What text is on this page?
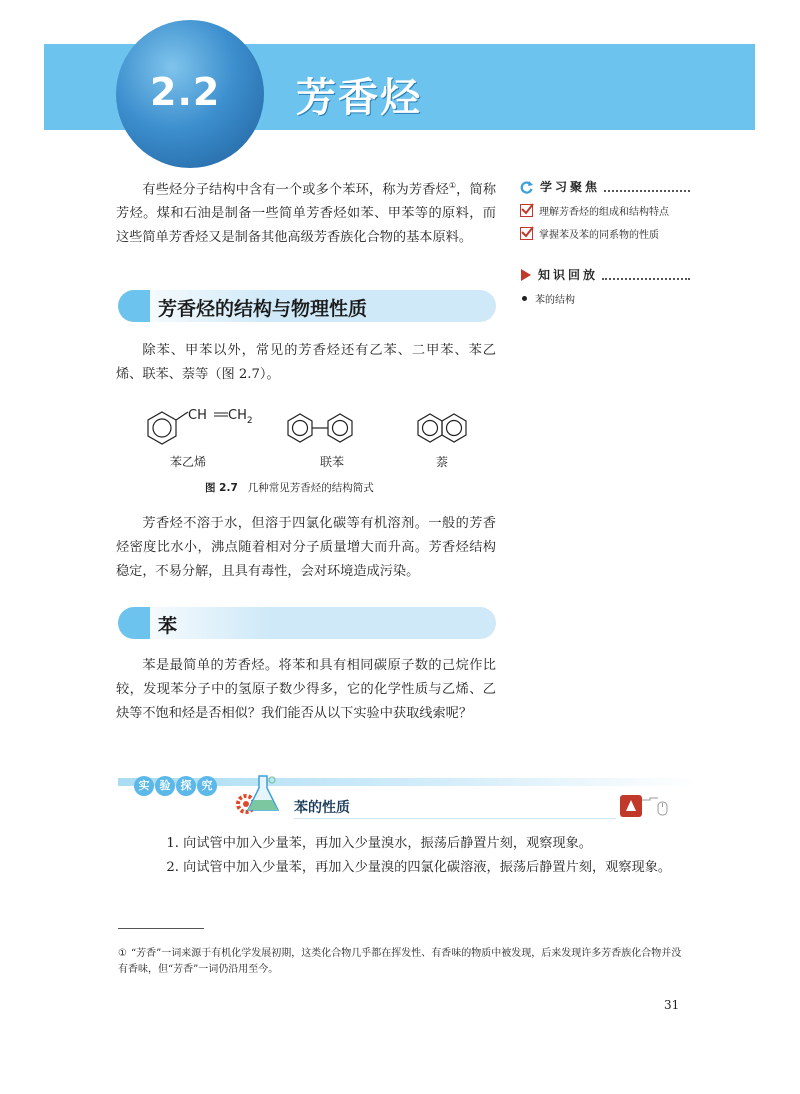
2.2	芳香烃

有些烃分子结构中含有一个或多个苯环，称为芳香烃①，简称芳烃。煤和石油是制备一些简单芳香烃如苯、甲苯等的原料，而这些简单芳香烃又是制备其他高级芳香族化合物的基本原料。

学习聚焦
理解芳香烃的组成和结构特点
掌握苯及苯的同系物的性质
知识回放
苯的结构
芳香烃的结构与物理性质

除苯、甲苯以外，常见的芳香烃还有乙苯、二甲苯、苯乙烯、联苯、萘等（图 2.7）。

CH $CH_2$
苯乙烯	联苯	萘
图 2.7 几种常见芳香烃的结构简式

芳香烃不溶于水，但溶于四氯化碳等有机溶剂。一般的芳香烃密度比水小，沸点随着相对分子质量增大而升高。芳香烃结构稳定，不易分解，且具有毒性，会对环境造成污染。

苯

苯是最简单的芳香烃。将苯和具有相同碳原子数的己烷作比较，发现苯分子中的氢原子数少得多，它的化学性质与乙烯、乙炔等不饱和烃是否相似？我们能否从以下实验中获取线索呢？

实 验 探 究
苯的性质

1. 向试管中加入少量苯，再加入少量溴水，振荡后静置片刻，观察现象。

2. 向试管中加入少量苯，再加入少量溴的四氯化碳溶液，振荡后静置片刻，观察现象。

① “芳香”一词来源于有机化学发展初期，这类化合物几乎都在挥发性、有香味的物质中被发现，后来发现许多芳香族化合物并没有香味，但“芳香”一词仍沿用至今。

31
